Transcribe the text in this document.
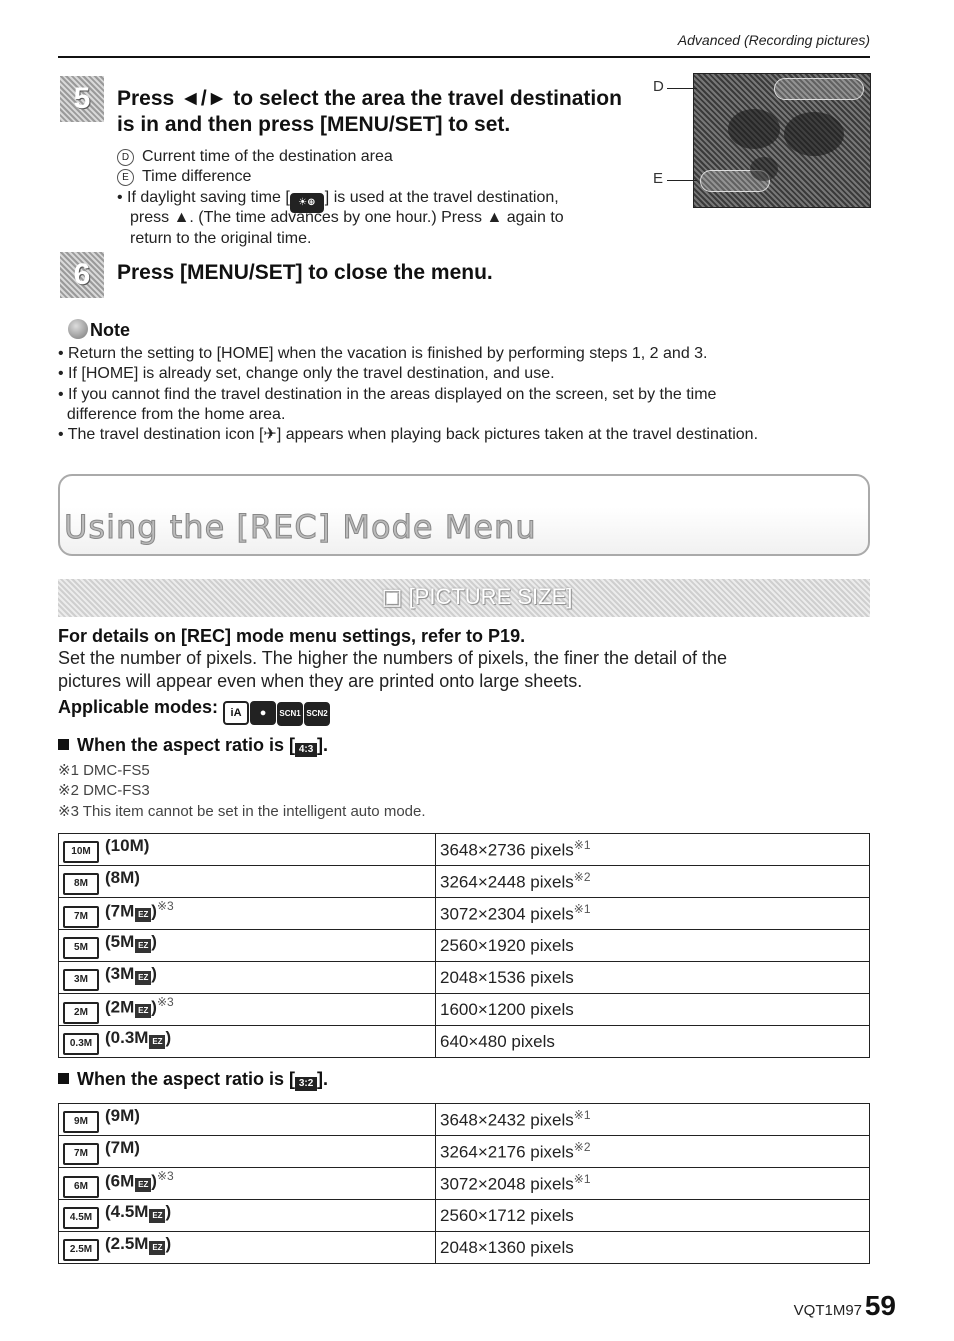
Advanced (Recording pictures)
5	Press ◄/► to select the area the travel destination
is in and then press [MENU/SET] to set.
D Current time of the destination area
E Time difference
• If daylight saving time [ ☀⊕ ] is used at the travel destination,
press ▲. (The time advances by one hour.) Press ▲ again to
return to the original time.
D
E
6	Press [MENU/SET] to close the menu.
Note
• Return the setting to [HOME] when the vacation is finished by performing steps 1, 2 and 3.
• If [HOME] is already set, change only the travel destination, and use.
• If you cannot find the travel destination in the areas displayed on the screen, set by the time
difference from the home area.
• The travel destination icon [✈] appears when playing back pictures taken at the travel destination.
Using the [REC] Mode Menu
▣ [PICTURE SIZE]
For details on [REC] mode menu settings, refer to P19.
Set the number of pixels. The higher the numbers of pixels, the finer the detail of the
pictures will appear even when they are printed onto large sheets.
Applicable modes: iA ● SCN1 SCN2
When the aspect ratio is [ 4:3 ].
※1 DMC-FS5
※2 DMC-FS3
※3 This item cannot be set in the intelligent auto mode.
10M (10M)	3648×2736 pixels$^{※1}$
8M (8M)	3264×2448 pixels$^{※2}$
7M (7M EZ )$^{※3}$	3072×2304 pixels$^{※1}$
5M (5M EZ )	2560×1920 pixels
3M (3M EZ )	2048×1536 pixels
2M (2M EZ )$^{※3}$	1600×1200 pixels
0.3M (0.3M EZ )	640×480 pixels
When the aspect ratio is [ 3:2 ].
9M (9M)	3648×2432 pixels$^{※1}$
7M (7M)	3264×2176 pixels$^{※2}$
6M (6M EZ )$^{※3}$	3072×2048 pixels$^{※1}$
4.5M (4.5M EZ )	2560×1712 pixels
2.5M (2.5M EZ )	2048×1360 pixels
VQT1M97 59
